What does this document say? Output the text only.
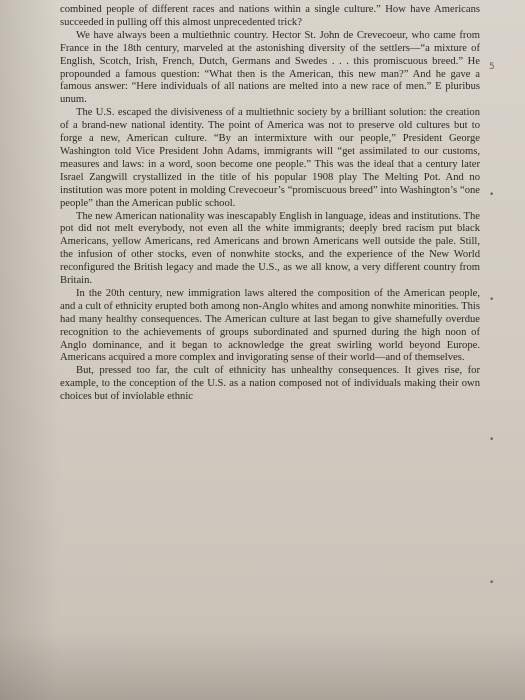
combined people of different races and nations within a single culture.” How have Americans succeeded in pulling off this almost unprecedented trick?

We have always been a multiethnic country. Hector St. John de Crevecoeur, who came from France in the 18th century, marveled at the astonishing diversity of the settlers—“a mixture of English, Scotch, Irish, French, Dutch, Germans and Swedes . . . this promiscuous breed.” He propounded a famous question: “What then is the American, this new man?” And he gave a famous answer: “Here individuals of all nations are melted into a new race of men.” E pluribus unum.

The U.S. escaped the divisiveness of a multiethnic society by a brilliant solution: the creation of a brand-new national identity. The point of America was not to preserve old cultures but to forge a new, American culture. “By an intermixture with our people,” President George Washington told Vice President John Adams, immigrants will “get assimilated to our customs, measures and laws: in a word, soon become one people.” This was the ideal that a century later Israel Zangwill crystallized in the title of his popular 1908 play The Melting Pot. And no institution was more potent in molding Crevecoeur’s “promiscuous breed” into Washington’s “one people” than the American public school.

The new American nationality was inescapably English in language, ideas and institutions. The pot did not melt everybody, not even all the white immigrants; deeply bred racism put black Americans, yellow Americans, red Americans and brown Americans well outside the pale. Still, the infusion of other stocks, even of nonwhite stocks, and the experience of the New World reconfigured the British legacy and made the U.S., as we all know, a very different country from Britain.

In the 20th century, new immigration laws altered the composition of the American people, and a cult of ethnicity erupted both among non-Anglo whites and among nonwhite minorities. This had many healthy consequences. The American culture at last began to give shamefully overdue recognition to the achievements of groups subordinated and spurned during the high noon of Anglo dominance, and it began to acknowledge the great swirling world beyond Europe. Americans acquired a more complex and invigorating sense of their world—and of themselves.

But, pressed too far, the cult of ethnicity has unhealthy consequences. It gives rise, for example, to the conception of the U.S. as a nation composed not of individuals making their own choices but of inviolable ethnic

5
•
•
•
•
